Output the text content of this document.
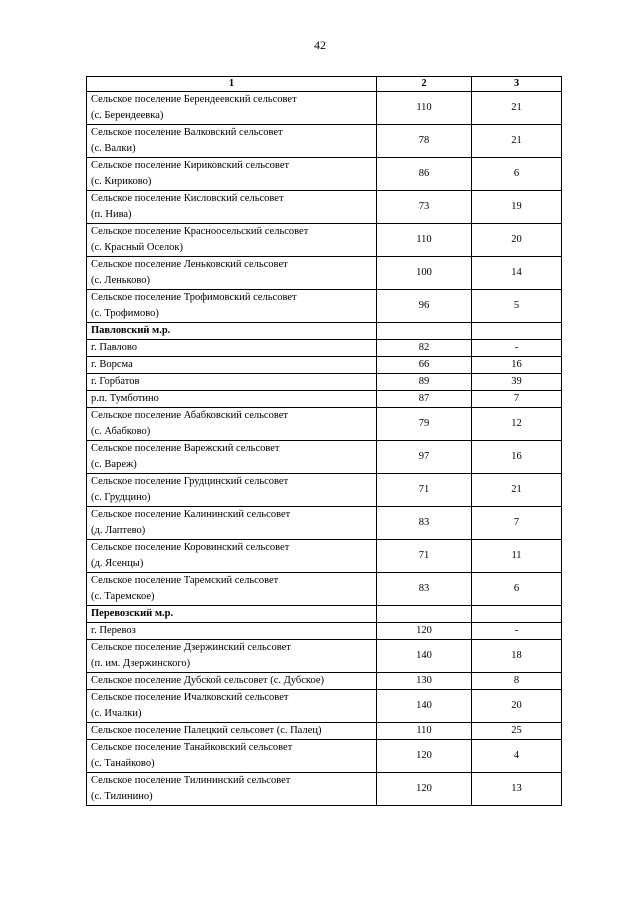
42
1	2	3

Сельское поселение Берендеевский сельсовет
(с. Берендеевка)	110	21

Сельское поселение Валковский сельсовет
(с. Валки)	78	21

Сельское поселение Кириковский сельсовет
(с. Кириково)	86	6

Сельское поселение Кисловский сельсовет
(п. Нива)	73	19

Сельское поселение Красноосельский сельсовет
(с. Красный Оселок)	110	20

Сельское поселение Леньковский сельсовет
(с. Леньково)	100	14

Сельское поселение Трофимовский сельсовет
(с. Трофимово)	96	5

Павловский м.р.		

г. Павлово	82	-

г. Ворсма	66	16

г. Горбатов	89	39

р.п. Тумботино	87	7

Сельское поселение Абабковский сельсовет
(с. Абабково)	79	12

Сельское поселение Варежский сельсовет
(с. Вареж)	97	16

Сельское поселение Грудцинский сельсовет
(с. Грудцино)	71	21

Сельское поселение Калининский сельсовет
(д. Лаптево)	83	7

Сельское поселение Коровинский сельсовет
(д. Ясенцы)	71	11

Сельское поселение Таремский сельсовет
(с. Таремское)	83	6

Перевозский м.р.		

г. Перевоз	120	-

Сельское поселение Дзержинский сельсовет
(п. им. Дзержинского)	140	18

Сельское поселение Дубской сельсовет (с. Дубское)	130	8

Сельское поселение Ичалковский сельсовет
(с. Ичалки)	140	20

Сельское поселение Палецкий сельсовет (с. Палец)	110	25

Сельское поселение Танайковский сельсовет
(с. Танайково)	120	4

Сельское поселение Тилининский сельсовет
(с. Тилинино)	120	13
